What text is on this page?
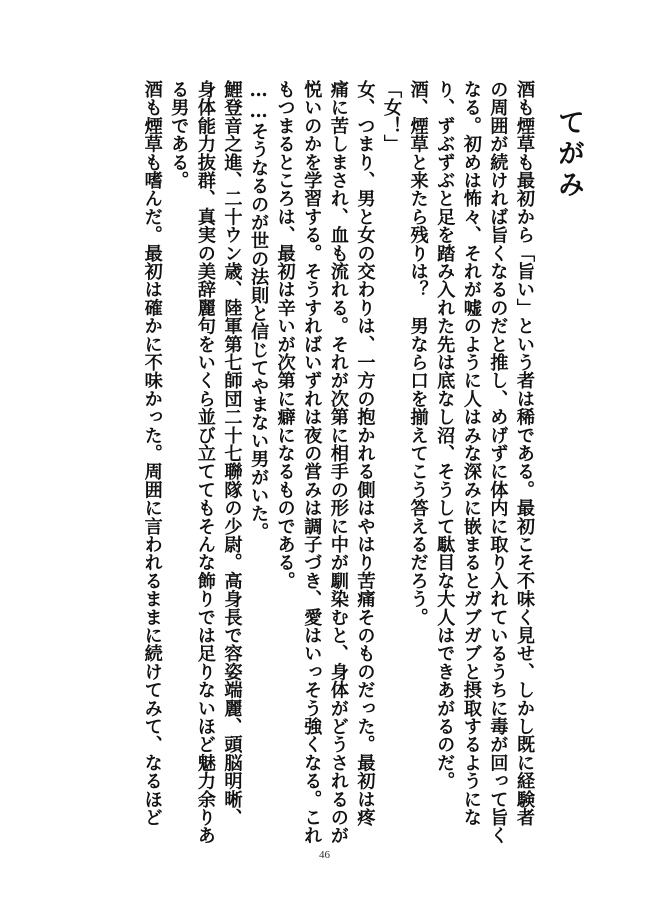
てがみ

酒も煙草も最初から「旨い」という者は稀である。最初こそ不味く見せ、しかし既に経験者

の周囲が続ければ旨くなるのだと推し、めげずに体内に取り入れているうちに毒が回って旨く

なる。初めは怖々、それが嘘のように人はみな深みに嵌まるとガブガブと摂取するようにな

り、ずぶずぶと足を踏み入れた先は底なし沼、そうして駄目な大人はできあがるのだ。

酒、煙草と来たら残りは？　男なら口を揃えてこう答えるだろう。

「女！」

女、つまり、男と女の交わりは、一方の抱かれる側はやはり苦痛そのものだった。最初は疼

痛に苦しまされ、血も流れる。それが次第に相手の形に中が馴染むと、身体がどうされるのが

悦いのかを学習する。そうすればいずれは夜の営みは調子づき、愛はいっそう強くなる。これ

もつまるところは、最初は辛いが次第に癖になるものである。

……そうなるのが世の法則と信じてやまない男がいた。

鯉登音之進、二十ウン歳、陸軍第七師団二十七聯隊の少尉。高身長で容姿端麗、頭脳明晰、

身体能力抜群、真実の美辞麗句をいくら並び立ててもそんな飾りでは足りないほど魅力余りあ

る男である。

酒も煙草も嗜んだ。最初は確かに不味かった。周囲に言われるままに続けてみて、なるほど

46
